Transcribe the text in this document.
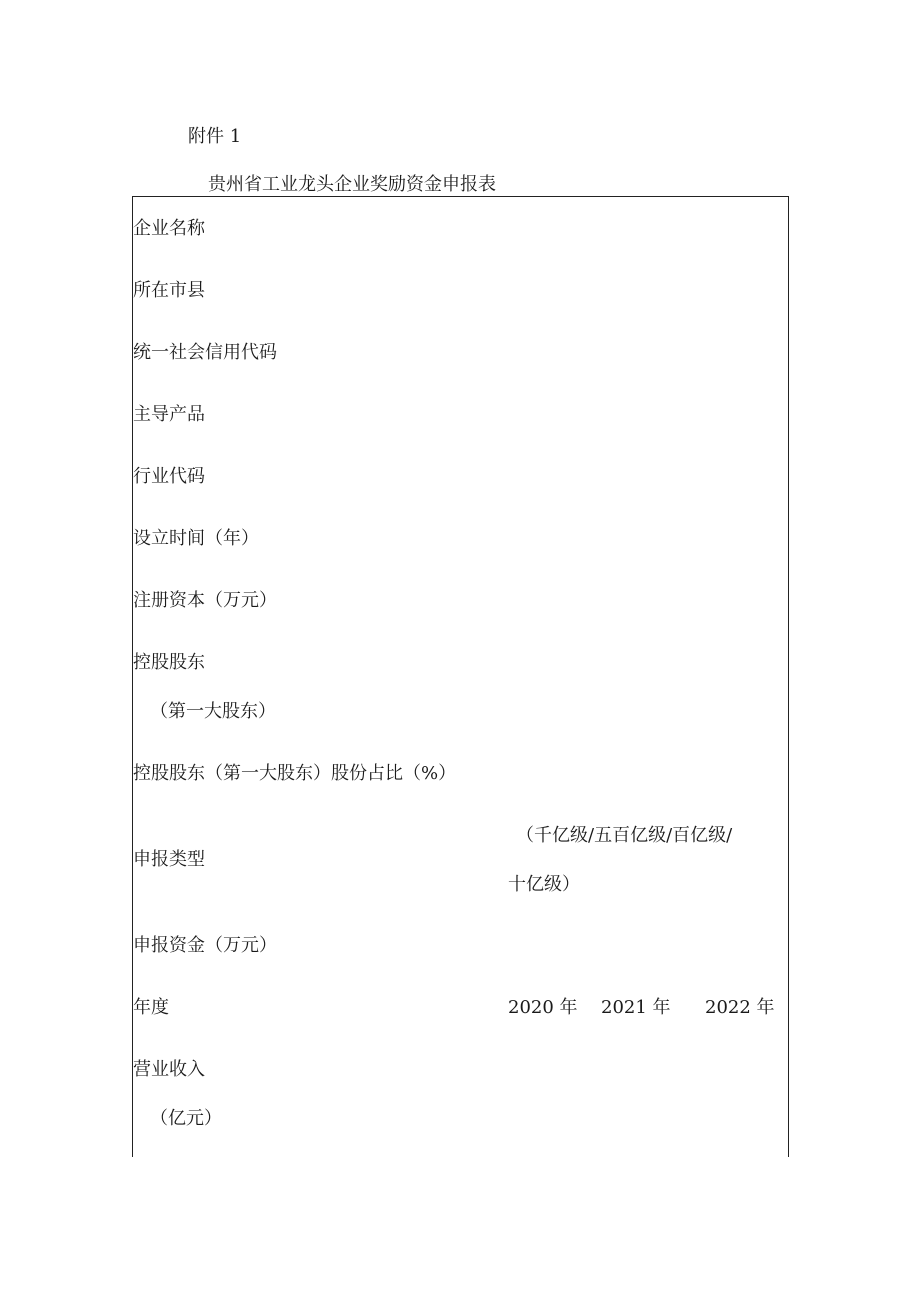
附件 1
贵州省工业龙头企业奖励资金申报表
企业名称
所在市县
统一社会信用代码
主导产品
行业代码
设立时间（年）
注册资本（万元）
控股股东
（第一大股东）
控股股东（第一大股东）股份占比（%）
（千亿级/五百亿级/百亿级/
申报类型
十亿级）
申报资金（万元）
年度	2020 年 2021 年 2022 年
营业收入
（亿元）
